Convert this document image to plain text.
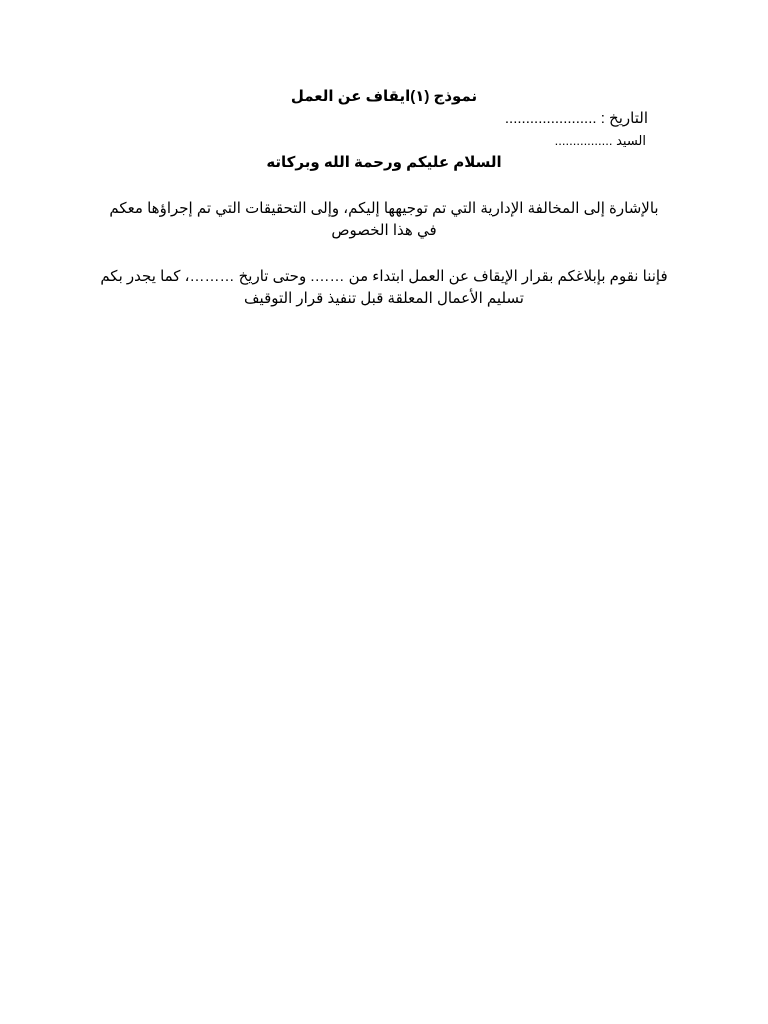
نموذج (١)ايقاف عن العمل
التاريخ : ......................
السيد ................
السلام عليكم ورحمة الله وبركاته
بالإشارة إلى المخالفة الإدارية التي تم توجيهها إليكم، وإلى التحقيقات التي تم إجراؤها معكم في هذا الخصوص
فإننا نقوم بإبلاغكم بقرار الإيقاف عن العمل ابتداء من ……. وحتى تاريخ ………، كما يجدر بكم تسليم الأعمال المعلقة قبل تنفيذ قرار التوقيف
